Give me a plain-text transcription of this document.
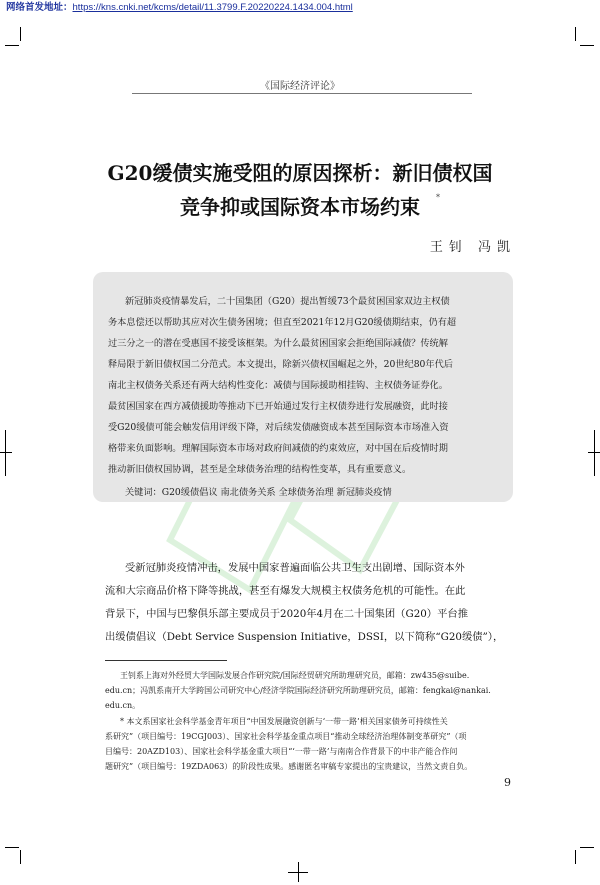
网络首发地址：https://kns.cnki.net/kcms/detail/11.3799.F.20220224.1434.004.html
《国际经济评论》
G20缓债实施受阻的原因探析：新旧债权国
竞争抑或国际资本市场约束	*
王钊 冯凯
新冠肺炎疫情暴发后，二十国集团（G20）提出暂缓73个最贫困国家双边主权债
务本息偿还以帮助其应对次生债务困境；但直至2021年12月G20缓债期结束，仍有超
过三分之一的潜在受惠国不接受该框架。为什么最贫困国家会拒绝国际减债？传统解
释局限于新旧债权国二分范式。本文提出，除新兴债权国崛起之外，20世纪80年代后
南北主权债务关系还有两大结构性变化：减债与国际援助相挂钩、主权债务证券化。
最贫困国家在西方减债援助等推动下已开始通过发行主权债券进行发展融资，此时接
受G20缓债可能会触发信用评级下降，对后续发债融资成本甚至国际资本市场准入资
格带来负面影响。理解国际资本市场对政府间减债的约束效应，对中国在后疫情时期
推动新旧债权国协调，甚至是全球债务治理的结构性变革，具有重要意义。
关键词：G20缓债倡议 南北债务关系 全球债务治理 新冠肺炎疫情
受新冠肺炎疫情冲击，发展中国家普遍面临公共卫生支出剧增、国际资本外
流和大宗商品价格下降等挑战，甚至有爆发大规模主权债务危机的可能性。在此
背景下，中国与巴黎俱乐部主要成员于2020年4月在二十国集团（G20）平台推
出缓债倡议（Debt Service Suspension Initiative，DSSI，以下简称“G20缓债”），
王钊系上海对外经贸大学国际发展合作研究院/国际经贸研究所助理研究员，邮箱：zw435@suibe.
edu.cn；冯凯系南开大学跨国公司研究中心/经济学院国际经济研究所助理研究员，邮箱：fengkai@nankai.
edu.cn。
* 本文系国家社会科学基金青年项目“中国发展融资创新与‘一带一路’相关国家债务可持续性关
系研究”（项目编号：19CGJ003）、国家社会科学基金重点项目“推动全球经济治理体制变革研究”（项
目编号：20AZD103）、国家社会科学基金重大项目“‘一带一路’与南南合作背景下的中非产能合作问
题研究”（项目编号：19ZDA063）的阶段性成果。感谢匿名审稿专家提出的宝贵建议，当然文责自负。
9
